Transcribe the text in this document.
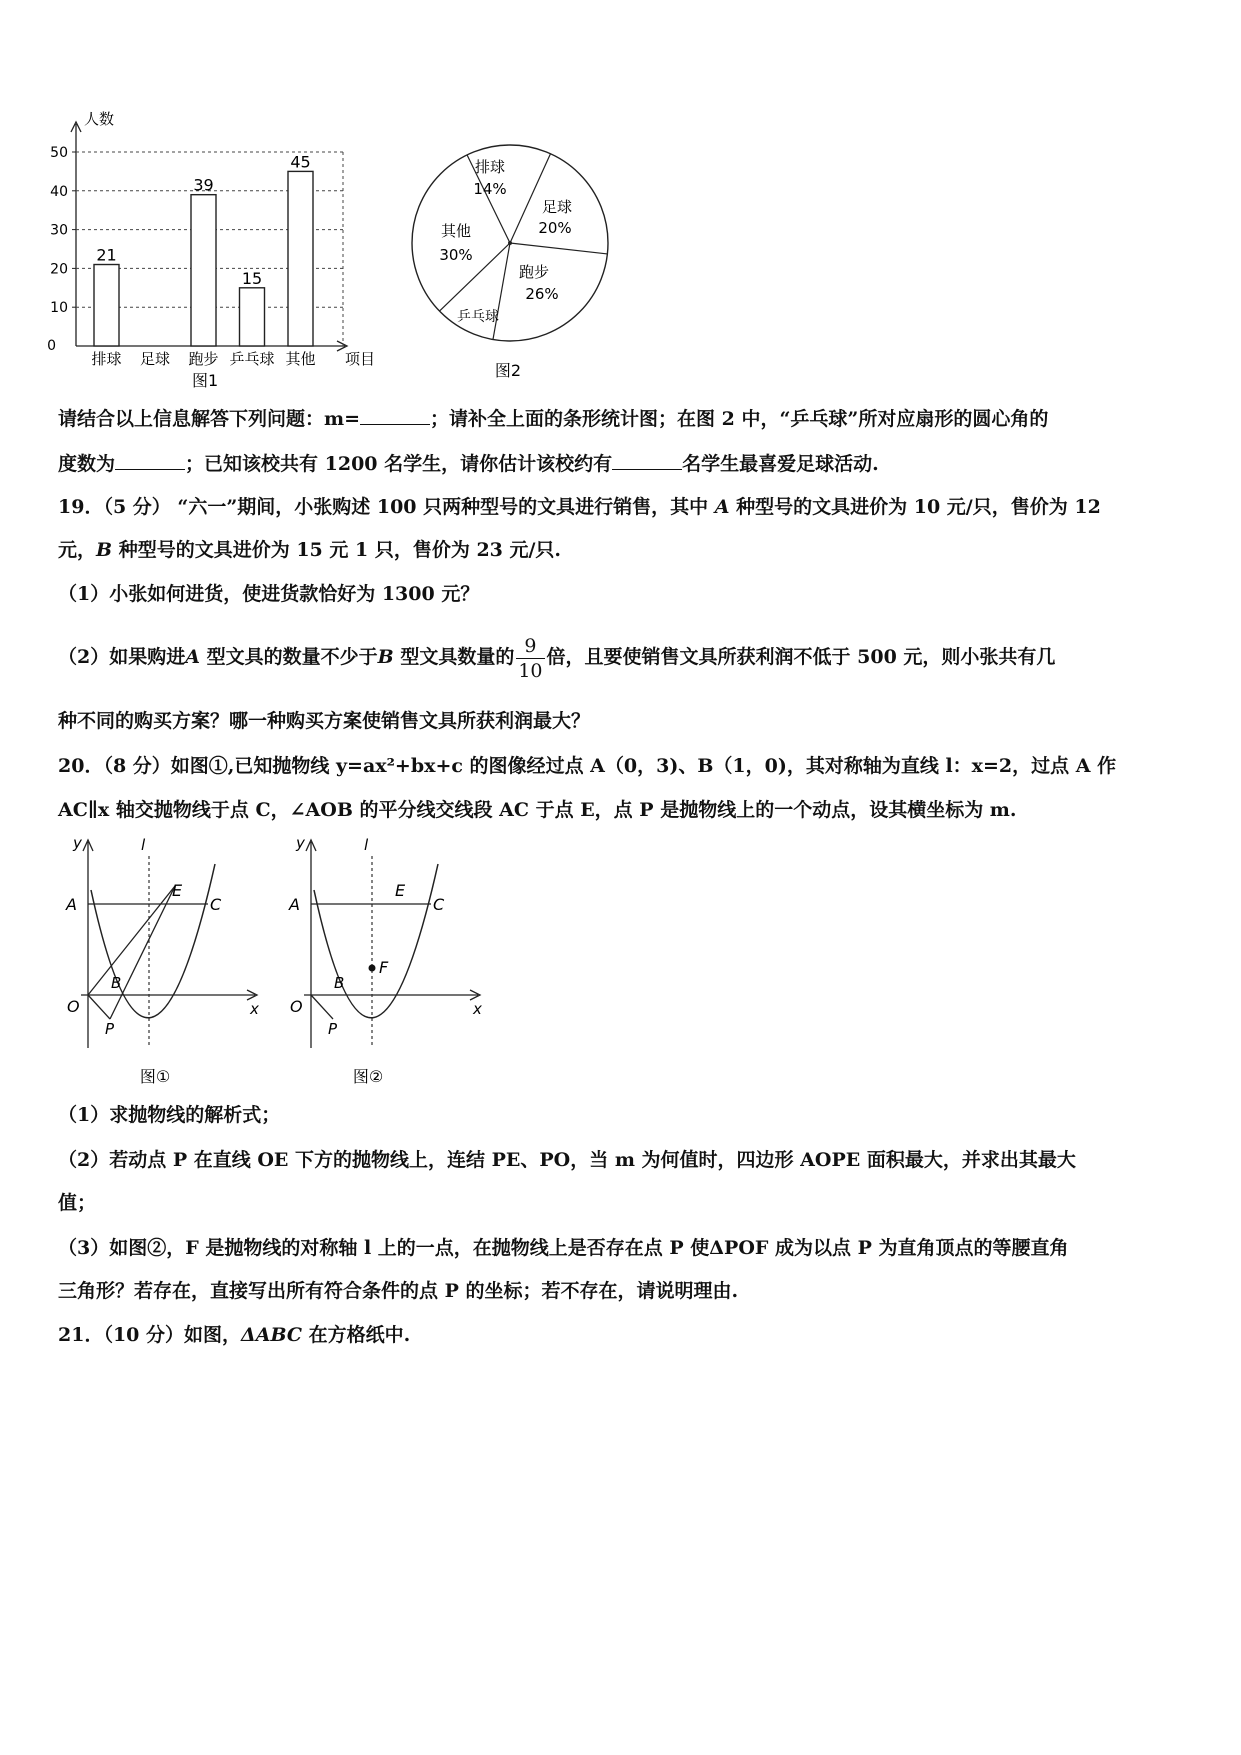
0
10
20
30
40
50
21
39
15
45
排球 足球 跑步 乒乓球 其他
人数
项目
图1
排球
14%
足球
20%
跑步
26%
乒乓球
其他
30%
图2
请结合以上信息解答下列问题：m=	；请补全上面的条形统计图；在图 2 中，“乒乓球”所对应扇形的圆心角的
度数为	；已知该校共有 1200 名学生，请你估计该校约有	名学生最喜爱足球活动.
19．（5 分） “六一”期间，小张购述 100 只两种型号的文具进行销售，其中 A 种型号的文具进价为 10 元/只，售价为 12
元，B 种型号的文具进价为 15 元 1 只，售价为 23 元/只.
（1）小张如何进货，使进货款恰好为 1300 元？
（2）如果购进A 型文具的数量不少于B 型文具数量的 $\frac{9}{10}$ 倍，且要使销售文具所获利润不低于 500 元，则小张共有几
种不同的购买方案？哪一种购买方案使销售文具所获利润最大？
20．（8 分）如图①,已知抛物线 y=ax²+bx+c 的图像经过点 A（0，3)、B（1，0)，其对称轴为直线 l：x=2，过点 A 作
AC∥x 轴交抛物线于点 C，∠AOB 的平分线交线段 AC 于点 E，点 P 是抛物线上的一个动点，设其横坐标为 m.
y	l
A
E
C
B
O	x
P
图①
y	l
A
E
C
F
B
O	x
P
图②
（1）求抛物线的解析式；
（2）若动点 P 在直线 OE 下方的抛物线上，连结 PE、PO，当 m 为何值时，四边形 AOPE 面积最大，并求出其最大
值；
（3）如图②，F 是抛物线的对称轴 l 上的一点，在抛物线上是否存在点 P 使ΔPOF 成为以点 P 为直角顶点的等腰直角
三角形？若存在，直接写出所有符合条件的点 P 的坐标；若不存在，请说明理由.
21．（10 分）如图，ΔABC 在方格纸中.
